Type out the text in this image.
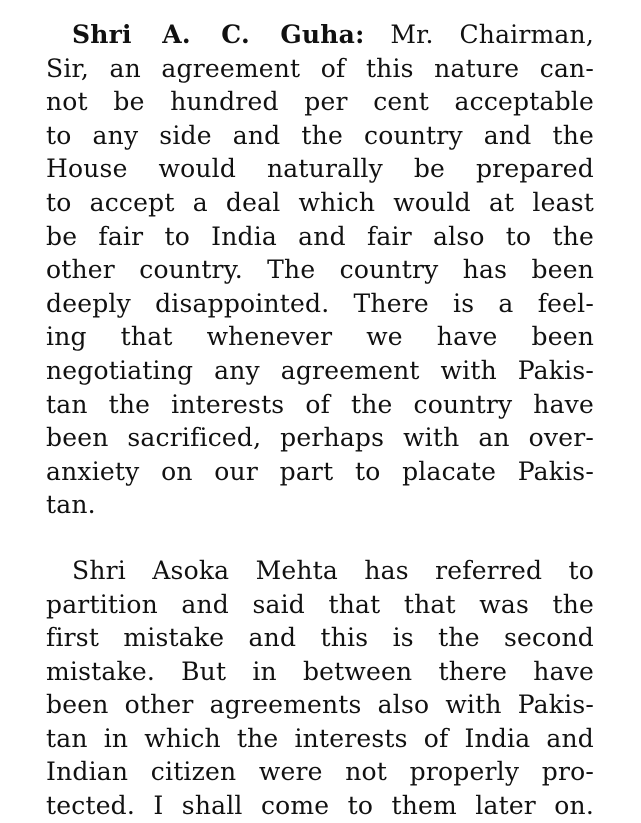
Shri A. C. Guha: Mr. Chairman,
Sir, an agreement of this nature can-
not be hundred per cent acceptable
to any side and the country and the
House would naturally be prepared
to accept a deal which would at least
be fair to India and fair also to the
other country. The country has been
deeply disappointed. There is a feel-
ing that whenever we have been
negotiating any agreement with Pakis-
tan the interests of the country have
been sacrificed, perhaps with an over-
anxiety on our part to placate Pakis-
tan.

Shri Asoka Mehta has referred to
partition and said that that was the
first mistake and this is the second
mistake. But in between there have
been other agreements also with Pakis-
tan in which the interests of India and
Indian citizen were not properly pro-
tected. I shall come to them later on.
